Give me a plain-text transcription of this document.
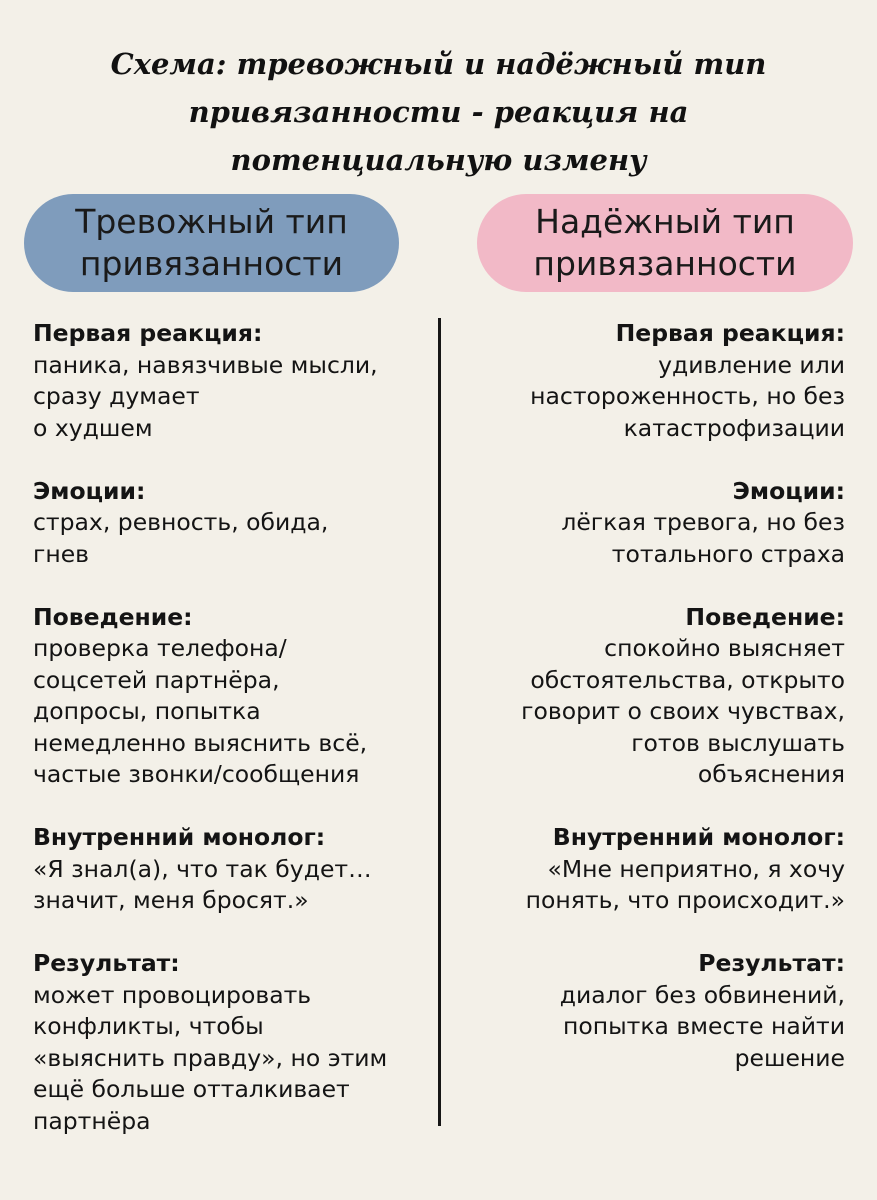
Схема: тревожный и надёжный тип привязанности - реакция на потенциальную измену
Тревожный тип привязанности
Надёжный тип привязанности
Первая реакция:
паника, навязчивые мысли,
сразу думает
о худшем
Эмоции:
страх, ревность, обида,
гнев
Поведение:
проверка телефона/
соцсетей партнёра,
допросы, попытка
немедленно выяснить всё,
частые звонки/сообщения
Внутренний монолог:
«Я знал(а), что так будет…
значит, меня бросят.»
Результат:
может провоцировать
конфликты, чтобы
«выяснить правду», но этим
ещё больше отталкивает
партнёра
Первая реакция:
удивление или
настороженность, но без
катастрофизации
Эмоции:
лёгкая тревога, но без
тотального страха
Поведение:
спокойно выясняет
обстоятельства, открыто
говорит о своих чувствах,
готов выслушать
объяснения
Внутренний монолог:
«Мне неприятно, я хочу
понять, что происходит.»
Результат:
диалог без обвинений,
попытка вместе найти
решение
